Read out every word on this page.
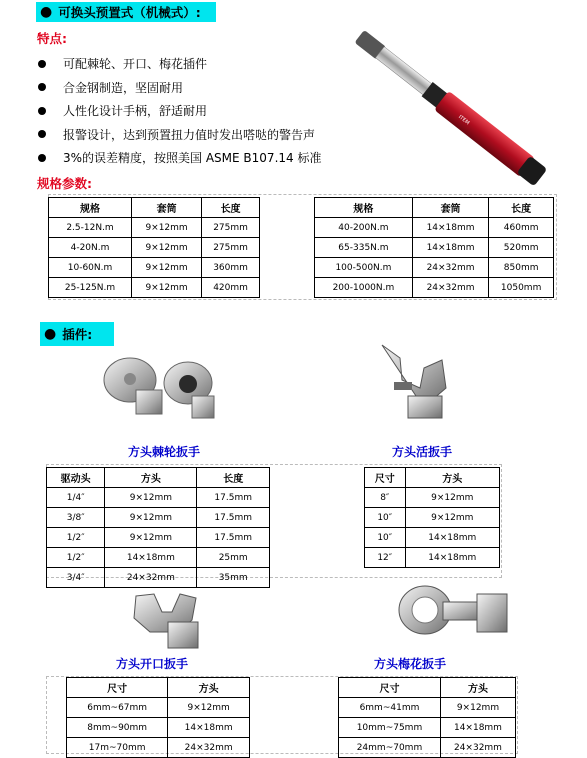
● 可换头预置式（机械式）:
特点:
可配棘轮、开口、梅花插件
合金钢制造，坚固耐用
人性化设计手柄，舒适耐用
报警设计，达到预置扭力值时发出嗒哒的警告声
3%的误差精度，按照美国 ASME B107.14 标准
ITEM
规格参数:
规格	套筒	长度
2.5-12N.m	9×12mm	275mm
4-20N.m	9×12mm	275mm
10-60N.m	9×12mm	360mm
25-125N.m	9×12mm	420mm
规格	套筒	长度
40-200N.m	14×18mm	460mm
65-335N.m	14×18mm	520mm
100-500N.m	24×32mm	850mm
200-1000N.m	24×32mm	1050mm
● 插件:
方头棘轮扳手	方头活扳手
驱动头	方头	长度
1/4″	9×12mm	17.5mm
3/8″	9×12mm	17.5mm
1/2″	9×12mm	17.5mm
1/2″	14×18mm	25mm
3/4″	24×32mm	35mm
尺寸	方头
8″	9×12mm
10″	9×12mm
10″	14×18mm
12″	14×18mm
方头开口扳手	方头梅花扳手
尺寸	方头
6mm~67mm	9×12mm
8mm~90mm	14×18mm
17m~70mm	24×32mm
尺寸	方头
6mm~41mm	9×12mm
10mm~75mm	14×18mm
24mm~70mm	24×32mm
